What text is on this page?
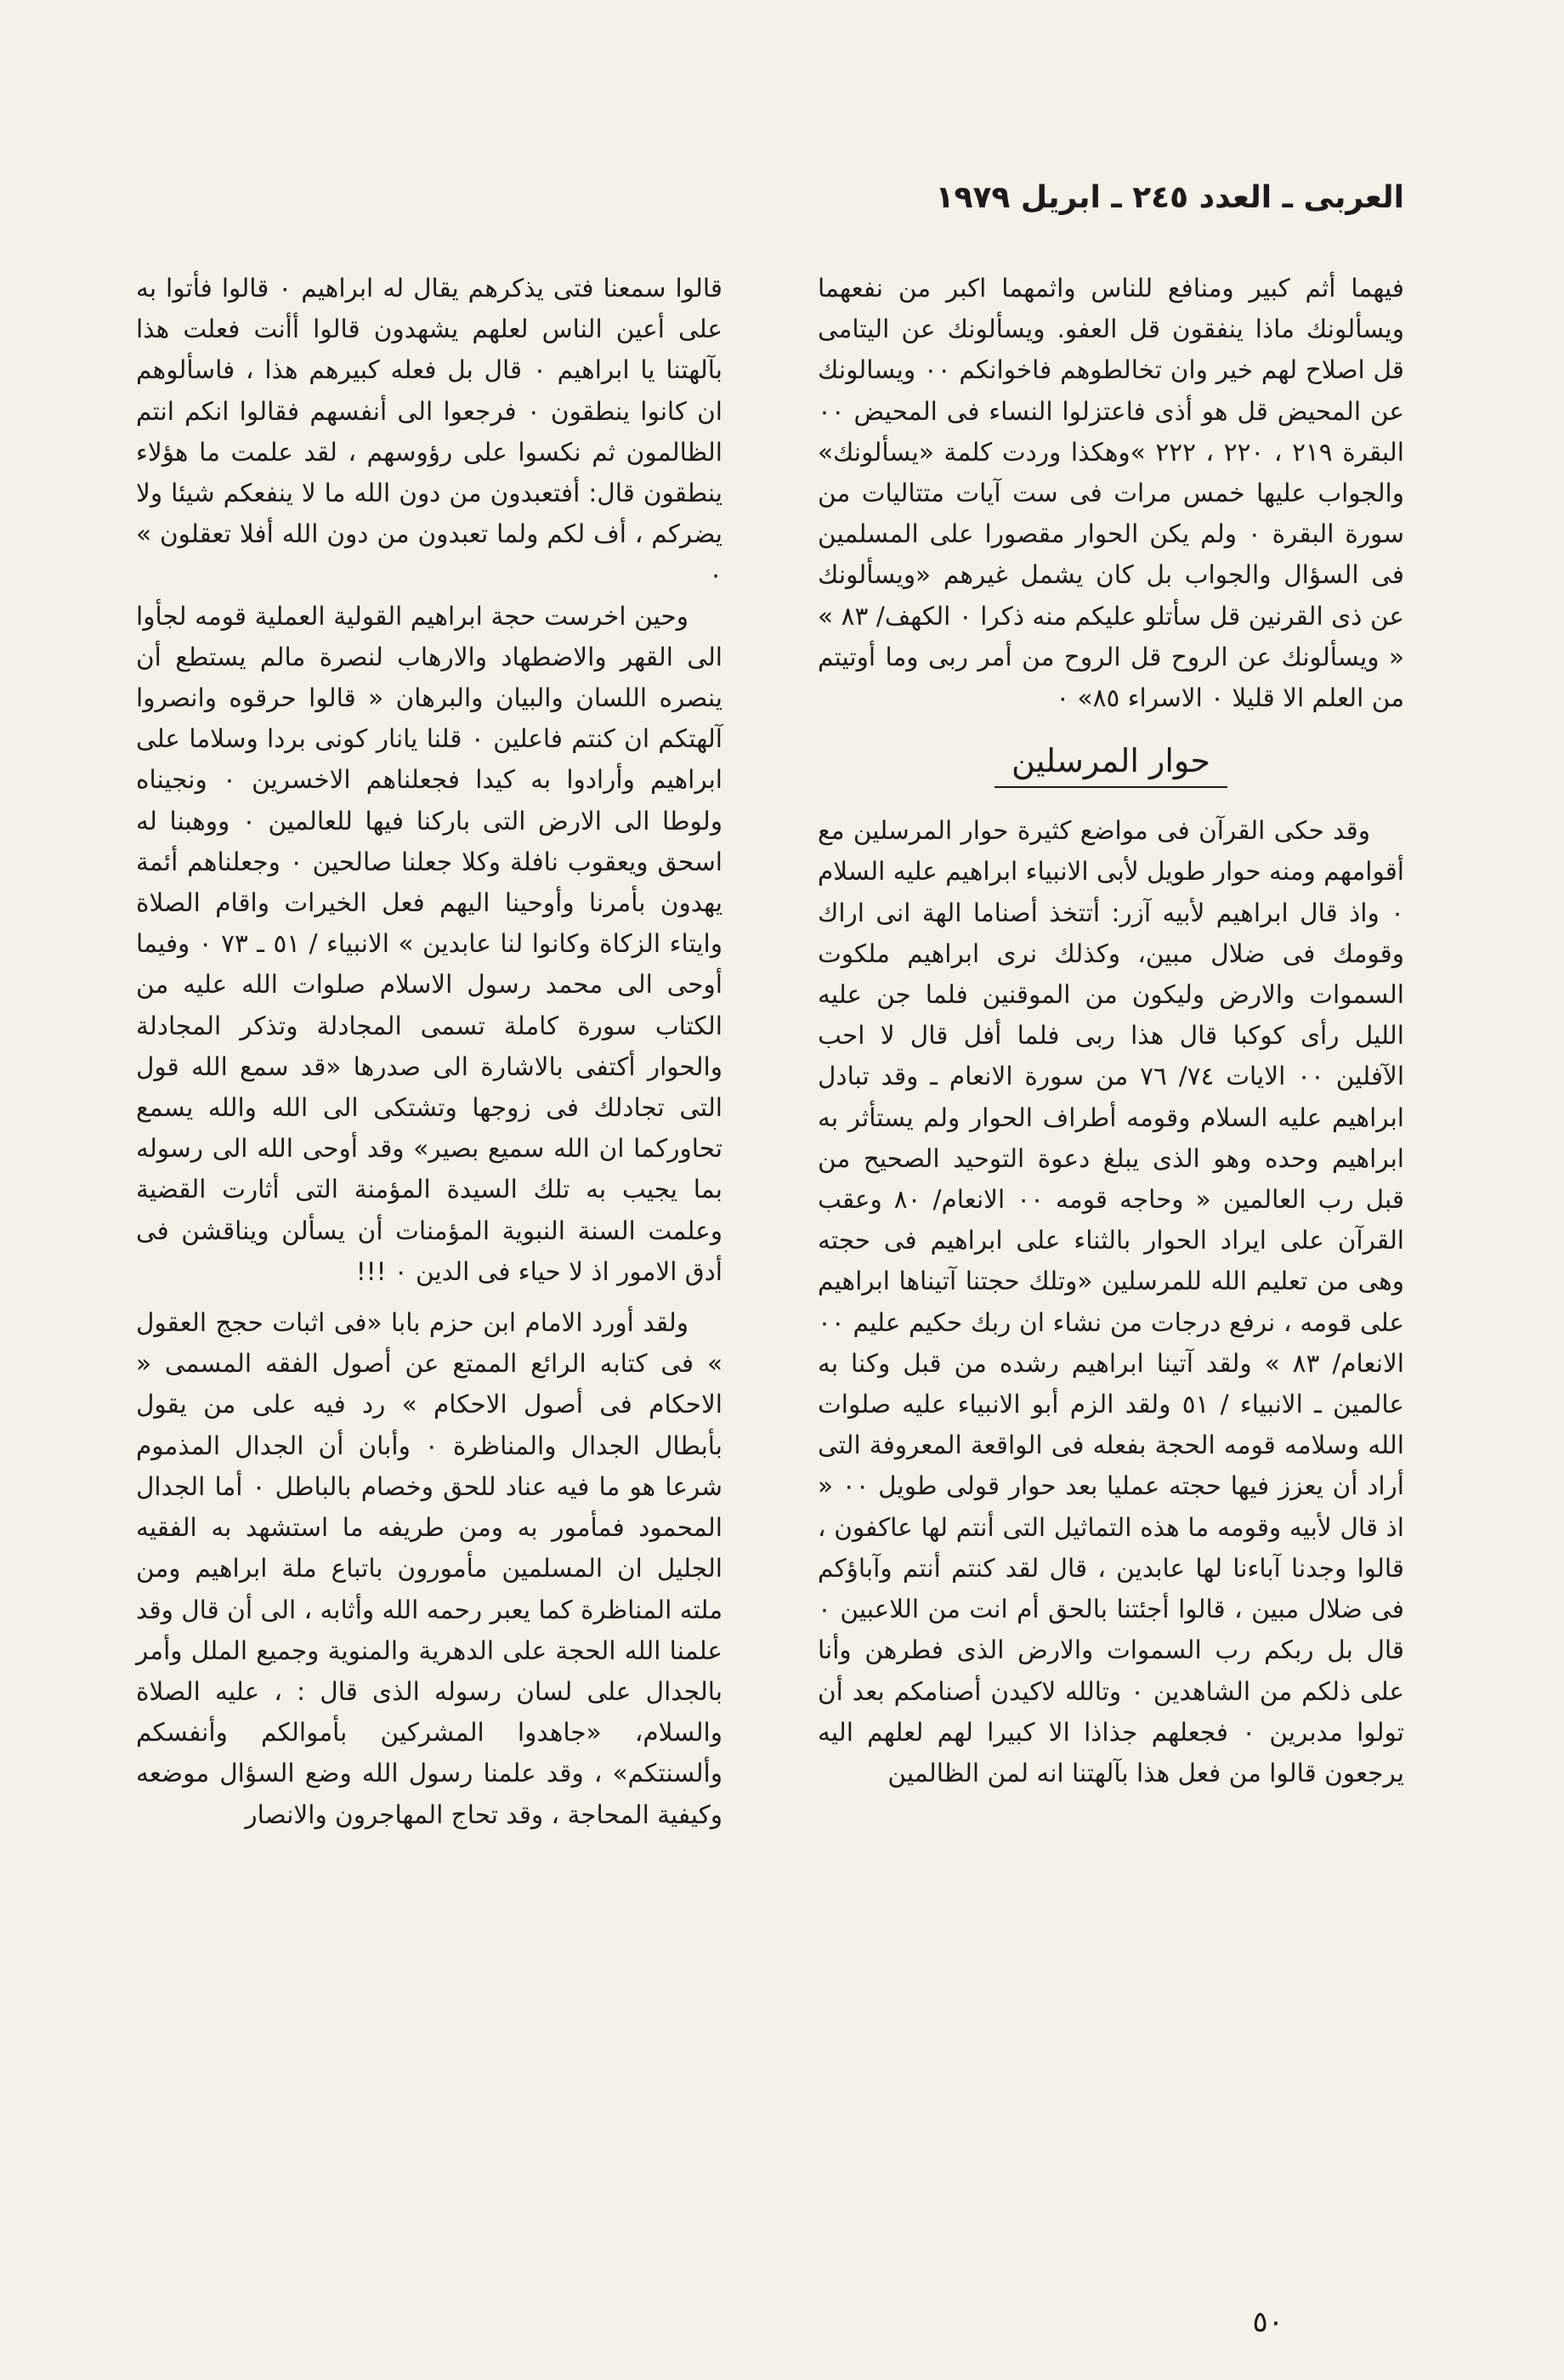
العربى ـ العدد ٢٤٥ ـ ابريل ١٩٧٩

فيهما أثم كبير ومنافع للناس واثمهما اكبر من نفعهما ويسألونك ماذا ينفقون قل العفو. ويسألونك عن اليتامى قل اصلاح لهم خير وان تخالطوهم فاخوانكم ٠٠ ويسالونك عن المحيض قل هو أذى فاعتزلوا النساء فى المحيض ٠٠ البقرة ٢١٩ ، ٢٢٠ ، ٢٢٢ »وهكذا وردت كلمة «يسألونك» والجواب عليها خمس مرات فى ست آيات متتاليات من سورة البقرة ٠ ولم يكن الحوار مقصورا على المسلمين فى السؤال والجواب بل كان يشمل غيرهم «ويسألونك عن ذى القرنين قل سأتلو عليكم منه ذكرا ٠ الكهف/ ٨٣ » « ويسألونك عن الروح قل الروح من أمر ربى وما أوتيتم من العلم الا قليلا ٠ الاسراء ٨٥» ٠

حوار المرسلين

وقد حكى القرآن فى مواضع كثيرة حوار المرسلين مع أقوامهم ومنه حوار طويل لأبى الانبياء ابراهيم عليه السلام ٠ واذ قال ابراهيم لأبيه آزر: أتتخذ أصناما الهة انى اراك وقومك فى ضلال مبين، وكذلك نرى ابراهيم ملكوت السموات والارض وليكون من الموقنين فلما جن عليه الليل رأى كوكبا قال هذا ربى فلما أفل قال لا احب الآفلين ٠٠ الايات ٧٤/ ٧٦ من سورة الانعام ـ وقد تبادل ابراهيم عليه السلام وقومه أطراف الحوار ولم يستأثر به ابراهيم وحده وهو الذى يبلغ دعوة التوحيد الصحيح من قبل رب العالمين « وحاجه قومه ٠٠ الانعام/ ٨٠ وعقب القرآن على ايراد الحوار بالثناء على ابراهيم فى حجته وهى من تعليم الله للمرسلين «وتلك حجتنا آتيناها ابراهيم على قومه ، نرفع درجات من نشاء ان ربك حكيم عليم ٠٠ الانعام/ ٨٣ » ولقد آتينا ابراهيم رشده من قبل وكنا به عالمين ـ الانبياء / ٥١ ولقد الزم أبو الانبياء عليه صلوات الله وسلامه قومه الحجة بفعله فى الواقعة المعروفة التى أراد أن يعزز فيها حجته عمليا بعد حوار قولى طويل ٠٠ « اذ قال لأبيه وقومه ما هذه التماثيل التى أنتم لها عاكفون ، قالوا وجدنا آباءنا لها عابدين ، قال لقد كنتم أنتم وآباؤكم فى ضلال مبين ، قالوا أجئتنا بالحق أم انت من اللاعبين ٠ قال بل ربكم رب السموات والارض الذى فطرهن وأنا على ذلكم من الشاهدين ٠ وتالله لاكيدن أصنامكم بعد أن تولوا مدبرين ٠ فجعلهم جذاذا الا كبيرا لهم لعلهم اليه يرجعون قالوا من فعل هذا بآلهتنا انه لمن الظالمين

قالوا سمعنا فتى يذكرهم يقال له ابراهيم ٠ قالوا فأتوا به على أعين الناس لعلهم يشهدون قالوا أأنت فعلت هذا بآلهتنا يا ابراهيم ٠ قال بل فعله كبيرهم هذا ، فاسألوهم ان كانوا ينطقون ٠ فرجعوا الى أنفسهم فقالوا انكم انتم الظالمون ثم نكسوا على رؤوسهم ، لقد علمت ما هؤلاء ينطقون قال: أفتعبدون من دون الله ما لا ينفعكم شيئا ولا يضركم ، أف لكم ولما تعبدون من دون الله أفلا تعقلون » ٠

وحين اخرست حجة ابراهيم القولية العملية قومه لجأوا الى القهر والاضطهاد والارهاب لنصرة مالم يستطع أن ينصره اللسان والبيان والبرهان « قالوا حرقوه وانصروا آلهتكم ان كنتم فاعلين ٠ قلنا يانار كونى بردا وسلاما على ابراهيم وأرادوا به كيدا فجعلناهم الاخسرين ٠ ونجيناه ولوطا الى الارض التى باركنا فيها للعالمين ٠ ووهبنا له اسحق ويعقوب نافلة وكلا جعلنا صالحين ٠ وجعلناهم أئمة يهدون بأمرنا وأوحينا اليهم فعل الخيرات واقام الصلاة وايتاء الزكاة وكانوا لنا عابدين » الانبياء / ٥١ ـ ٧٣ ٠ وفيما أوحى الى محمد رسول الاسلام صلوات الله عليه من الكتاب سورة كاملة تسمى المجادلة وتذكر المجادلة والحوار أكتفى بالاشارة الى صدرها «قد سمع الله قول التى تجادلك فى زوجها وتشتكى الى الله والله يسمع تحاوركما ان الله سميع بصير» وقد أوحى الله الى رسوله بما يجيب به تلك السيدة المؤمنة التى أثارت القضية وعلمت السنة النبوية المؤمنات أن يسألن ويناقشن فى أدق الامور اذ لا حياء فى الدين ٠ !!!

ولقد أورد الامام ابن حزم بابا «فى اثبات حجج العقول » فى كتابه الرائع الممتع عن أصول الفقه المسمى « الاحكام فى أصول الاحكام » رد فيه على من يقول بأبطال الجدال والمناظرة ٠ وأبان أن الجدال المذموم شرعا هو ما فيه عناد للحق وخصام بالباطل ٠ أما الجدال المحمود فمأمور به ومن طريفه ما استشهد به الفقيه الجليل ان المسلمين مأمورون باتباع ملة ابراهيم ومن ملته المناظرة كما يعبر رحمه الله وأثابه ، الى أن قال وقد علمنا الله الحجة على الدهرية والمنوية وجميع الملل وأمر بالجدال على لسان رسوله الذى قال : ، عليه الصلاة والسلام، «جاهدوا المشركين بأموالكم وأنفسكم وألسنتكم» ، وقد علمنا رسول الله وضع السؤال موضعه وكيفية المحاجة ، وقد تحاج المهاجرون والانصار

٥٠
